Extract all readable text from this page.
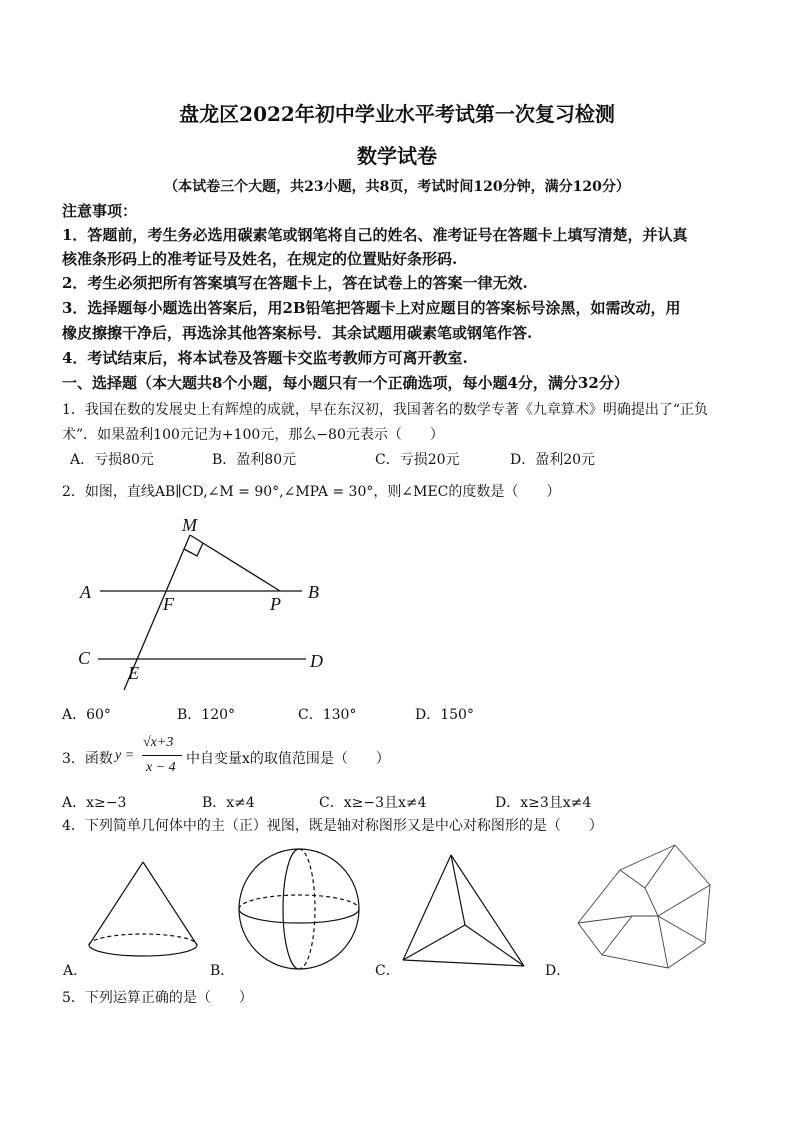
盘龙区2022年初中学业水平考试第一次复习检测
数学试卷
（本试卷三个大题，共23小题，共8页，考试时间120分钟，满分120分）
注意事项：
1．答题前，考生务必选用碳素笔或钢笔将自己的姓名、准考证号在答题卡上填写清楚，并认真
核准条形码上的准考证号及姓名，在规定的位置贴好条形码.
2．考生必须把所有答案填写在答题卡上，答在试卷上的答案一律无效.
3．选择题每小题选出答案后，用2B铅笔把答题卡上对应题目的答案标号涂黑，如需改动，用
橡皮擦擦干净后，再选涂其他答案标号．其余试题用碳素笔或钢笔作答.
4．考试结束后，将本试卷及答题卡交监考教师方可离开教室.
一、选择题（本大题共8个小题，每小题只有一个正确选项，每小题4分，满分32分）
1．我国在数的发展史上有辉煌的成就，早在东汉初，我国著名的数学专著《九章算术》明确提出了“正负
术”．如果盈利100元记为+100元，那么−80元表示（　　）
A．亏损80元	B．盈利80元	C．亏损20元	D．盈利20元
2．如图，直线AB∥CD,∠M = 90°,∠MPA = 30°，则∠MEC的度数是（　　）
M
A
F	P
B
C
E
D
A．60°	B．120°	C．130°	D．150°
3．函数 y =
√x+3
x − 4
中自变量x的取值范围是（　　）
A．x≥−3	B．x≠4	C．x≥−3且x≠4	D．x≥3且x≠4
4．下列简单几何体中的主（正）视图，既是轴对称图形又是中心对称图形的是（　　）
A．	B．	C．	D．
5．下列运算正确的是（　　）
